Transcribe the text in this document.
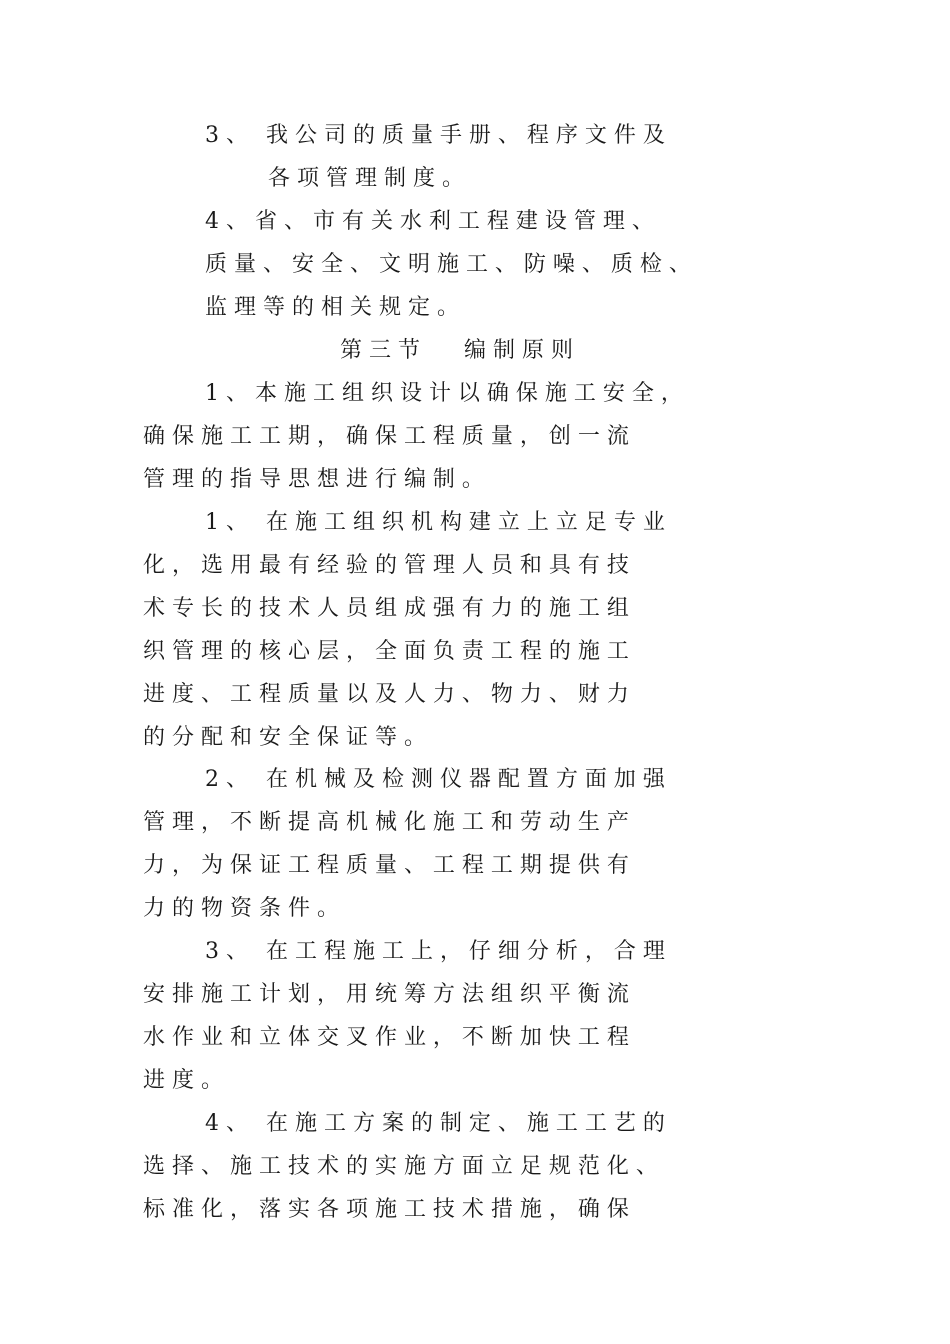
3 、　 我 公 司 的 质 量 手 册 、 程 序 文 件 及
各 项 管 理 制 度 。
4 、 省 、 市 有 关 水 利 工 程 建 设 管 理 、
质 量 、 安 全 、 文 明 施 工 、 防 噪 、 质 检 、
监 理 等 的 相 关 规 定 。
第 三 节　　编 制 原 则
1 、 本 施 工 组 织 设 计 以 确 保 施 工 安 全 ，
确 保 施 工 工 期 ， 确 保 工 程 质 量 ， 创 一 流
管 理 的 指 导 思 想 进 行 编 制 。
1 、　 在 施 工 组 织 机 构 建 立 上 立 足 专 业
化 ， 选 用 最 有 经 验 的 管 理 人 员 和 具 有 技
术 专 长 的 技 术 人 员 组 成 强 有 力 的 施 工 组
织 管 理 的 核 心 层 ， 全 面 负 责 工 程 的 施 工
进 度 、 工 程 质 量 以 及 人 力 、 物 力 、 财 力
的 分 配 和 安 全 保 证 等 。
2 、　 在 机 械 及 检 测 仪 器 配 置 方 面 加 强
管 理 ， 不 断 提 高 机 械 化 施 工 和 劳 动 生 产
力 ， 为 保 证 工 程 质 量 、 工 程 工 期 提 供 有
力 的 物 资 条 件 。
3 、　 在 工 程 施 工 上 ， 仔 细 分 析 ， 合 理
安 排 施 工 计 划 ， 用 统 筹 方 法 组 织 平 衡 流
水 作 业 和 立 体 交 叉 作 业 ， 不 断 加 快 工 程
进 度 。
4 、　 在 施 工 方 案 的 制 定 、 施 工 工 艺 的
选 择 、 施 工 技 术 的 实 施 方 面 立 足 规 范 化 、
标 准 化 ， 落 实 各 项 施 工 技 术 措 施 ， 确 保
